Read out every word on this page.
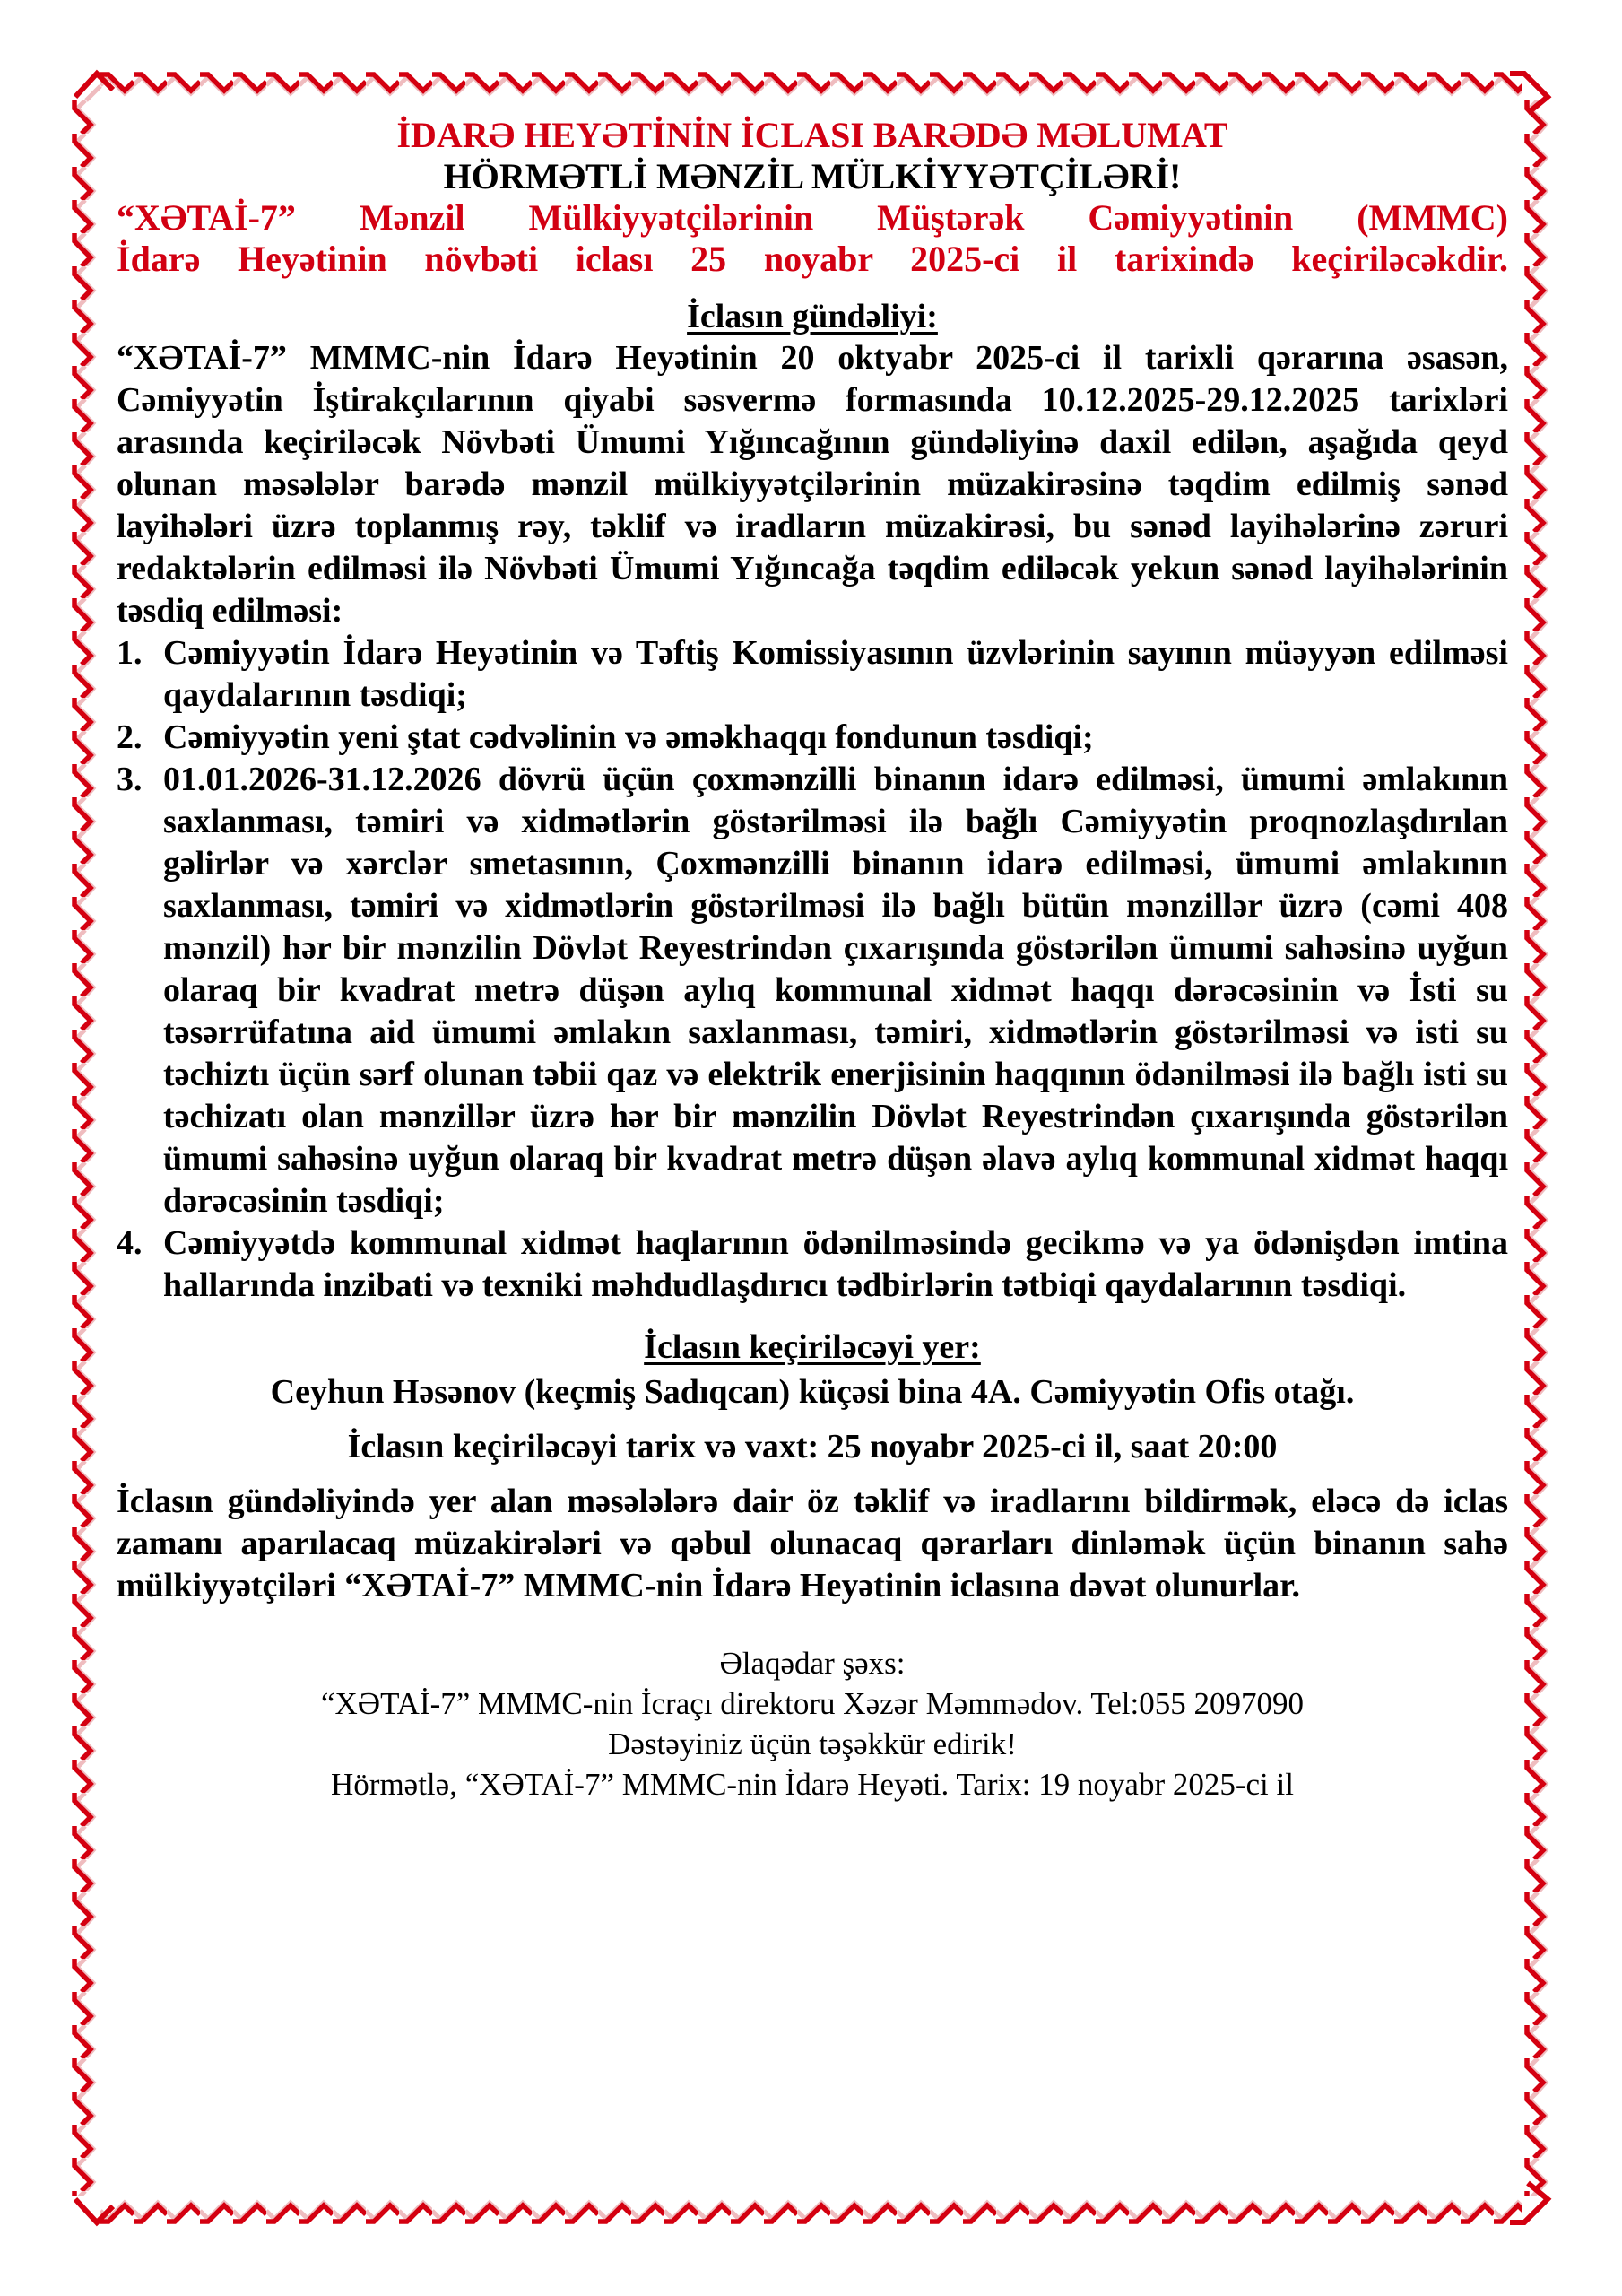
İDARƏ HEYƏTİNİN İCLASI BARƏDƏ MƏLUMAT

HÖRMƏTLİ MƏNZİL MÜLKİYYƏTÇİLƏRİ!

“XƏTAİ-7” Mənzil Mülkiyyətçilərinin Müştərək Cəmiyyətinin (MMMC)

İdarə Heyətinin növbəti iclası 25 noyabr 2025-ci il tarixində keçiriləcəkdir.

İclasın gündəliyi:

“XƏTAİ-7” MMMC-nin İdarə Heyətinin 20 oktyabr 2025-ci il tarixli qərarına əsasən, Cəmiyyətin İştirakçılarının qiyabi səsvermə formasında 10.12.2025-29.12.2025 tarixləri arasında keçiriləcək Növbəti Ümumi Yığıncağının gündəliyinə daxil edilən, aşağıda qeyd olunan məsələlər barədə mənzil mülkiyyətçilərinin müzakirəsinə təqdim edilmiş sənəd layihələri üzrə toplanmış rəy, təklif və iradların müzakirəsi, bu sənəd layihələrinə zəruri redaktələrin edilməsi ilə Növbəti Ümumi Yığıncağa təqdim ediləcək yekun sənəd layihələrinin təsdiq edilməsi:

1. Cəmiyyətin İdarə Heyətinin və Təftiş Komissiyasının üzvlərinin sayının müəyyən edilməsi qaydalarının təsdiqi;
2. Cəmiyyətin yeni ştat cədvəlinin və əməkhaqqı fondunun təsdiqi;
3. 01.01.2026-31.12.2026 dövrü üçün çoxmənzilli binanın idarə edilməsi, ümumi əmlakının saxlanması, təmiri və xidmətlərin göstərilməsi ilə bağlı Cəmiyyətin proqnozlaşdırılan gəlirlər və xərclər smetasının, Çoxmənzilli binanın idarə edilməsi, ümumi əmlakının saxlanması, təmiri və xidmətlərin göstərilməsi ilə bağlı bütün mənzillər üzrə (cəmi 408 mənzil) hər bir mənzilin Dövlət Reyestrindən çıxarışında göstərilən ümumi sahəsinə uyğun olaraq bir kvadrat metrə düşən aylıq kommunal xidmət haqqı dərəcəsinin və İsti su təsərrüfatına aid ümumi əmlakın saxlanması, təmiri, xidmətlərin göstərilməsi və isti su təchiztı üçün sərf olunan təbii qaz və elektrik enerjisinin haqqının ödənilməsi ilə bağlı isti su təchizatı olan mənzillər üzrə hər bir mənzilin Dövlət Reyestrindən çıxarışında göstərilən ümumi sahəsinə uyğun olaraq bir kvadrat metrə düşən əlavə aylıq kommunal xidmət haqqı dərəcəsinin təsdiqi;
4. Cəmiyyətdə kommunal xidmət haqlarının ödənilməsində gecikmə və ya ödənişdən imtina hallarında inzibati və texniki məhdudlaşdırıcı tədbirlərin tətbiqi qaydalarının təsdiqi.

İclasın keçiriləcəyi yer:

Ceyhun Həsənov (keçmiş Sadıqcan) küçəsi bina 4A. Cəmiyyətin Ofis otağı.

İclasın keçiriləcəyi tarix və vaxt: 25 noyabr 2025-ci il, saat 20:00

İclasın gündəliyində yer alan məsələlərə dair öz təklif və iradlarını bildirmək, eləcə də iclas zamanı aparılacaq müzakirələri və qəbul olunacaq qərarları dinləmək üçün binanın sahə mülkiyyətçiləri “XƏTAİ-7” MMMC-nin İdarə Heyətinin iclasına dəvət olunurlar.

Əlaqədar şəxs:

“XƏTAİ-7” MMMC-nin İcraçı direktoru Xəzər Məmmədov. Tel:055 2097090

Dəstəyiniz üçün təşəkkür edirik!

Hörmətlə, “XƏTAİ-7” MMMC-nin İdarə Heyəti. Tarix: 19 noyabr 2025-ci il
